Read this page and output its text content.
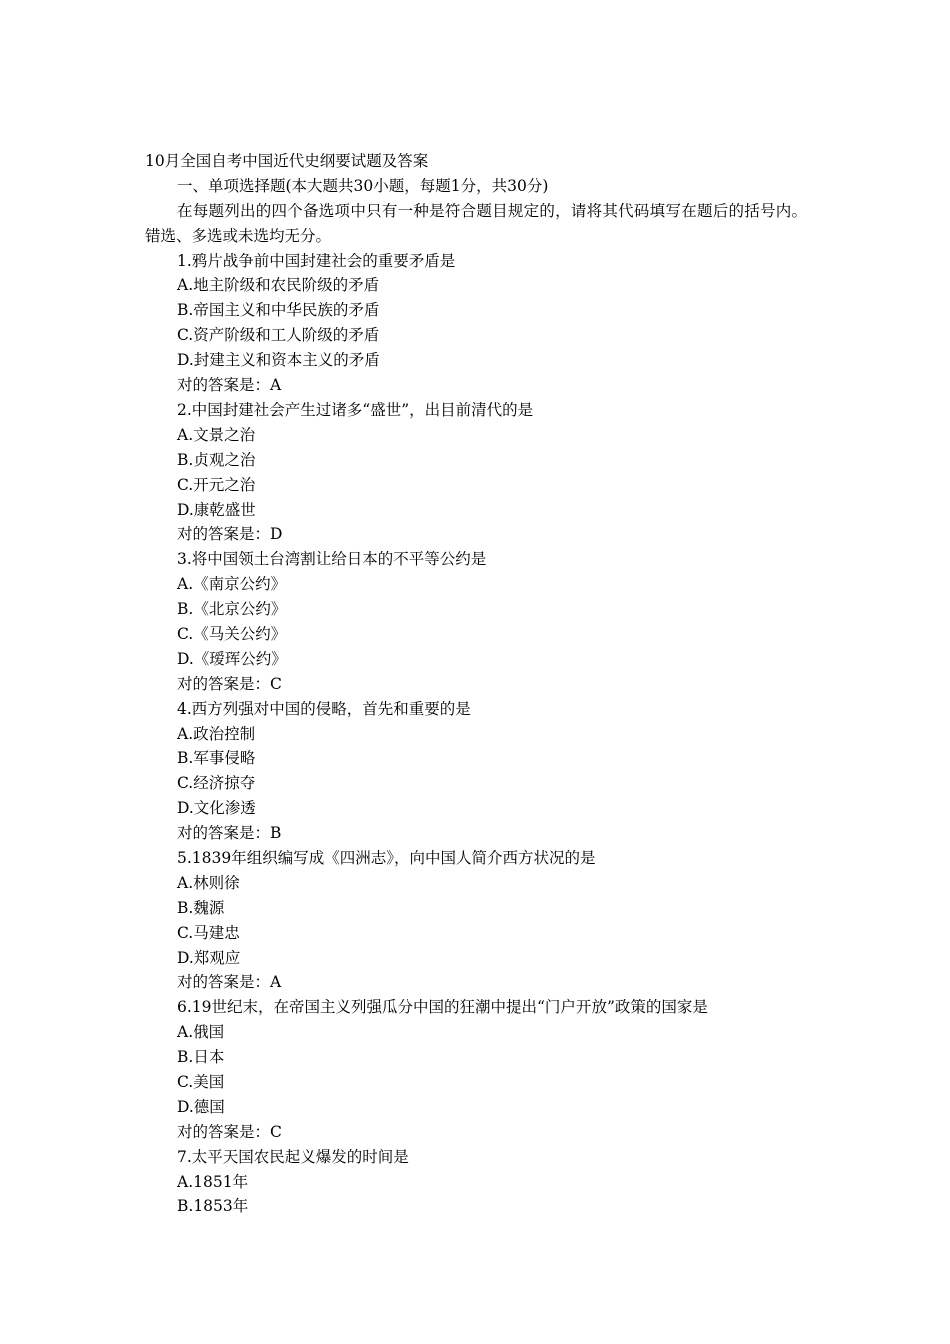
10月全国自考中国近代史纲要试题及答案
一、单项选择题(本大题共30小题，每题1分，共30分)
在每题列出的四个备选项中只有一种是符合题目规定的，请将其代码填写在题后的括号内。错选、多选或未选均无分。
1.鸦片战争前中国封建社会的重要矛盾是
A.地主阶级和农民阶级的矛盾
B.帝国主义和中华民族的矛盾
C.资产阶级和工人阶级的矛盾
D.封建主义和资本主义的矛盾
对的答案是：A
2.中国封建社会产生过诸多“盛世”，出目前清代的是
A.文景之治
B.贞观之治
C.开元之治
D.康乾盛世
对的答案是：D
3.将中国领土台湾割让给日本的不平等公约是
A.《南京公约》
B.《北京公约》
C.《马关公约》
D.《瑷珲公约》
对的答案是：C
4.西方列强对中国的侵略，首先和重要的是
A.政治控制
B.军事侵略
C.经济掠夺
D.文化渗透
对的答案是：B
5.1839年组织编写成《四洲志》，向中国人简介西方状况的是
A.林则徐
B.魏源
C.马建忠
D.郑观应
对的答案是：A
6.19世纪末，在帝国主义列强瓜分中国的狂潮中提出“门户开放”政策的国家是
A.俄国
B.日本
C.美国
D.德国
对的答案是：C
7.太平天国农民起义爆发的时间是
A.1851年
B.1853年
